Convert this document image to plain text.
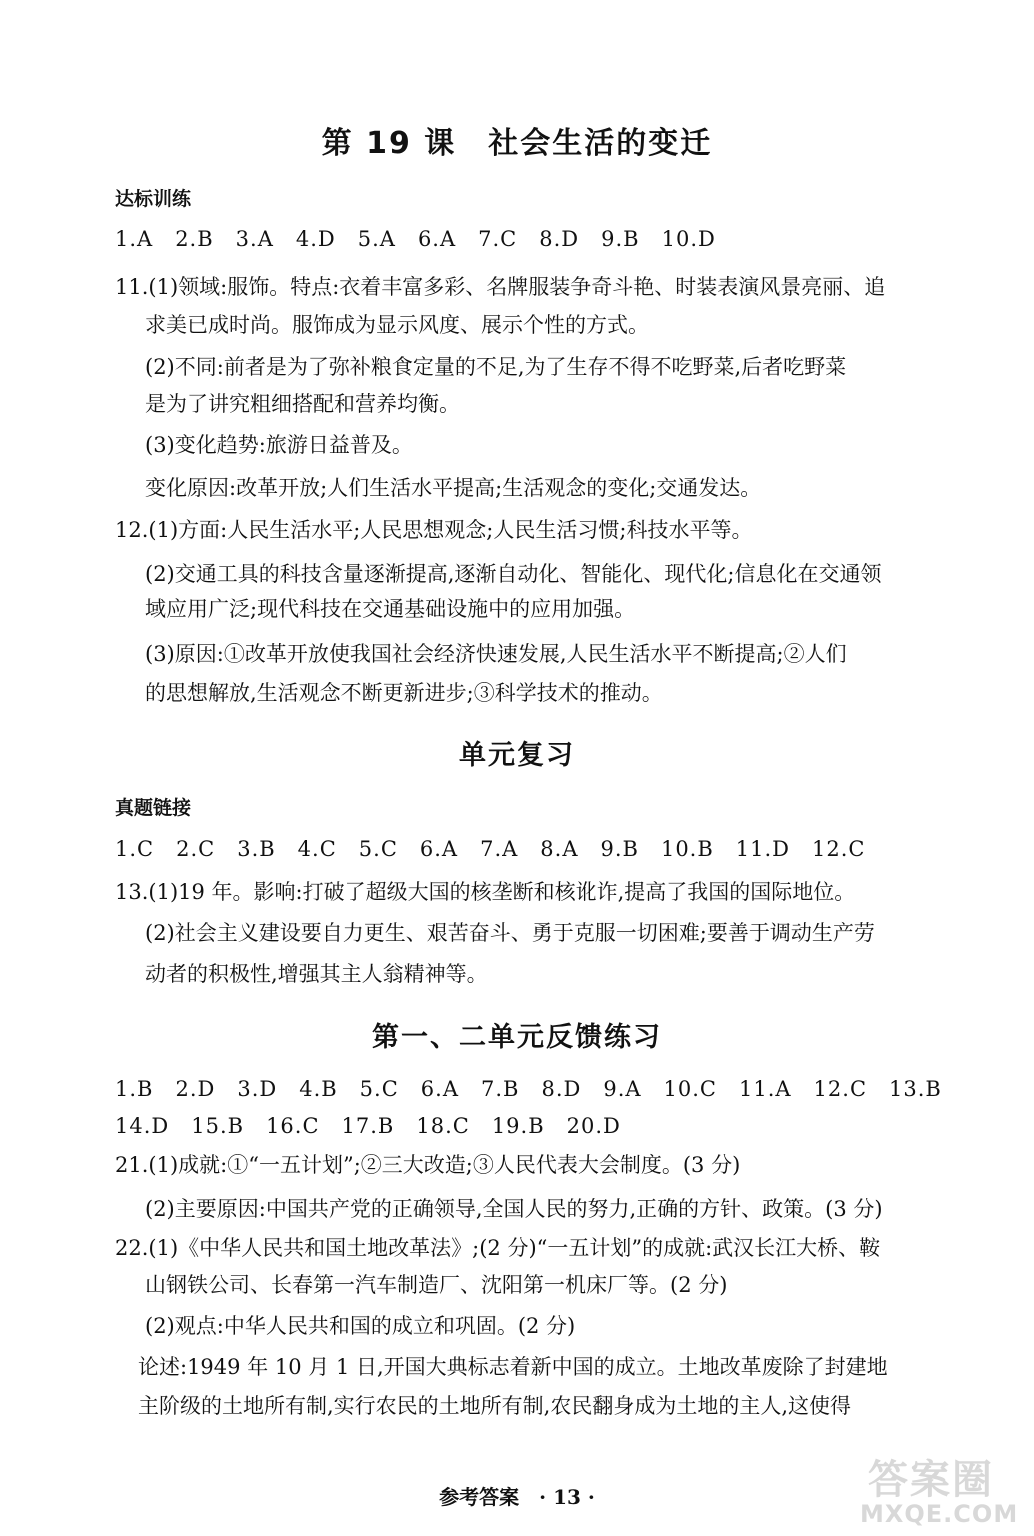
第 19 课　社会生活的变迁
达标训练
1.A　2.B　3.A　4.D　5.A　6.A　7.C　8.D　9.B　10.D
11.(1)领域:服饰。特点:衣着丰富多彩、名牌服装争奇斗艳、时装表演风景亮丽、追
求美已成时尚。服饰成为显示风度、展示个性的方式。
(2)不同:前者是为了弥补粮食定量的不足,为了生存不得不吃野菜,后者吃野菜
是为了讲究粗细搭配和营养均衡。
(3)变化趋势:旅游日益普及。
变化原因:改革开放;人们生活水平提高;生活观念的变化;交通发达。
12.(1)方面:人民生活水平;人民思想观念;人民生活习惯;科技水平等。
(2)交通工具的科技含量逐渐提高,逐渐自动化、智能化、现代化;信息化在交通领
域应用广泛;现代科技在交通基础设施中的应用加强。
(3)原因:①改革开放使我国社会经济快速发展,人民生活水平不断提高;②人们
的思想解放,生活观念不断更新进步;③科学技术的推动。
单元复习
真题链接
1.C　2.C　3.B　4.C　5.C　6.A　7.A　8.A　9.B　10.B　11.D　12.C
13.(1)19 年。影响:打破了超级大国的核垄断和核讹诈,提高了我国的国际地位。
(2)社会主义建设要自力更生、艰苦奋斗、勇于克服一切困难;要善于调动生产劳
动者的积极性,增强其主人翁精神等。
第一、二单元反馈练习
1.B　2.D　3.D　4.B　5.C　6.A　7.B　8.D　9.A　10.C　11.A　12.C　13.B
14.D　15.B　16.C　17.B　18.C　19.B　20.D
21.(1)成就:①“一五计划”;②三大改造;③人民代表大会制度。(3 分)
(2)主要原因:中国共产党的正确领导,全国人民的努力,正确的方针、政策。(3 分)
22.(1)《中华人民共和国土地改革法》;(2 分)“一五计划”的成就:武汉长江大桥、鞍
山钢铁公司、长春第一汽车制造厂、沈阳第一机床厂等。(2 分)
(2)观点:中华人民共和国的成立和巩固。(2 分)
论述:1949 年 10 月 1 日,开国大典标志着新中国的成立。土地改革废除了封建地
主阶级的土地所有制,实行农民的土地所有制,农民翻身成为土地的主人,这使得
参考答案　· 13 ·	答案圈
MXQE.COM
